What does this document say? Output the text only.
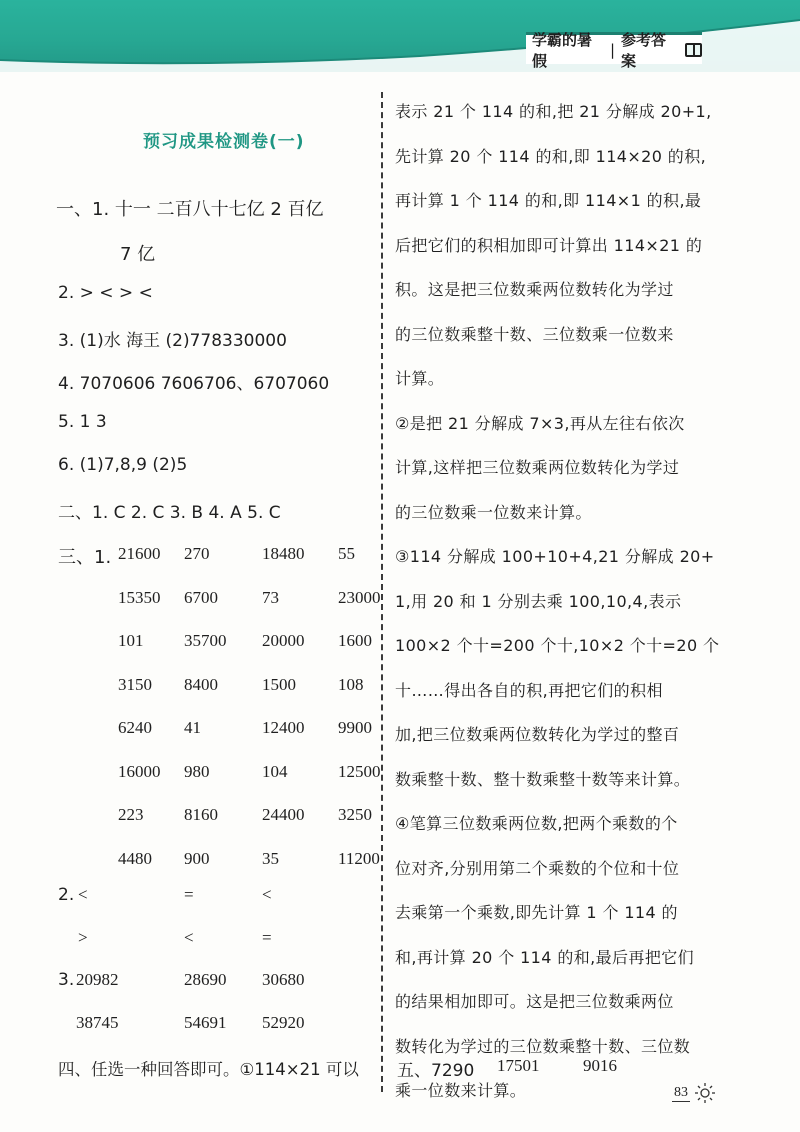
学霸的暑假
|
参考答案
预习成果检测卷(一)
一、1. 十一 二百八十七亿 2 百亿
7 亿
2. > < > <
3. (1)水 海王 (2)778330000
4. 7070606 7606706、6707060
5. 1 3
6. (1)7,8,9 (2)5
二、1. C 2. C 3. B 4. A 5. C
三、1. 21600 270	18480 55
15350 6700	73	23000
101 35700 20000 1600
3150 8400	1500 108
6240 41	12400 9900
16000 980	104	12500
223 8160	24400 3250
4480 900	35	11200
2. <	=	<
>	<	=
3. 20982	28690 30680
38745	54691 52920
四、任选一种回答即可。①114×21 可以

表示 21 个 114 的和,把 21 分解成 20+1,

先计算 20 个 114 的和,即 114×20 的积,

再计算 1 个 114 的和,即 114×1 的积,最

后把它们的积相加即可计算出 114×21 的

积。这是把三位数乘两位数转化为学过

的三位数乘整十数、三位数乘一位数来

计算。

②是把 21 分解成 7×3,再从左往右依次

计算,这样把三位数乘两位数转化为学过

的三位数乘一位数来计算。

③114 分解成 100+10+4,21 分解成 20+

1,用 20 和 1 分别去乘 100,10,4,表示

100×2 个十=200 个十,10×2 个十=20 个

十……得出各自的积,再把它们的积相

加,把三位数乘两位数转化为学过的整百

数乘整十数、整十数乘整十数等来计算。

④笔算三位数乘两位数,把两个乘数的个

位对齐,分别用第二个乘数的个位和十位

去乘第一个乘数,即先计算 1 个 114 的

和,再计算 20 个 114 的和,最后再把它们

的结果相加即可。这是把三位数乘两位

数转化为学过的三位数乘整十数、三位数

乘一位数来计算。

五、7290 17501	9016
83
